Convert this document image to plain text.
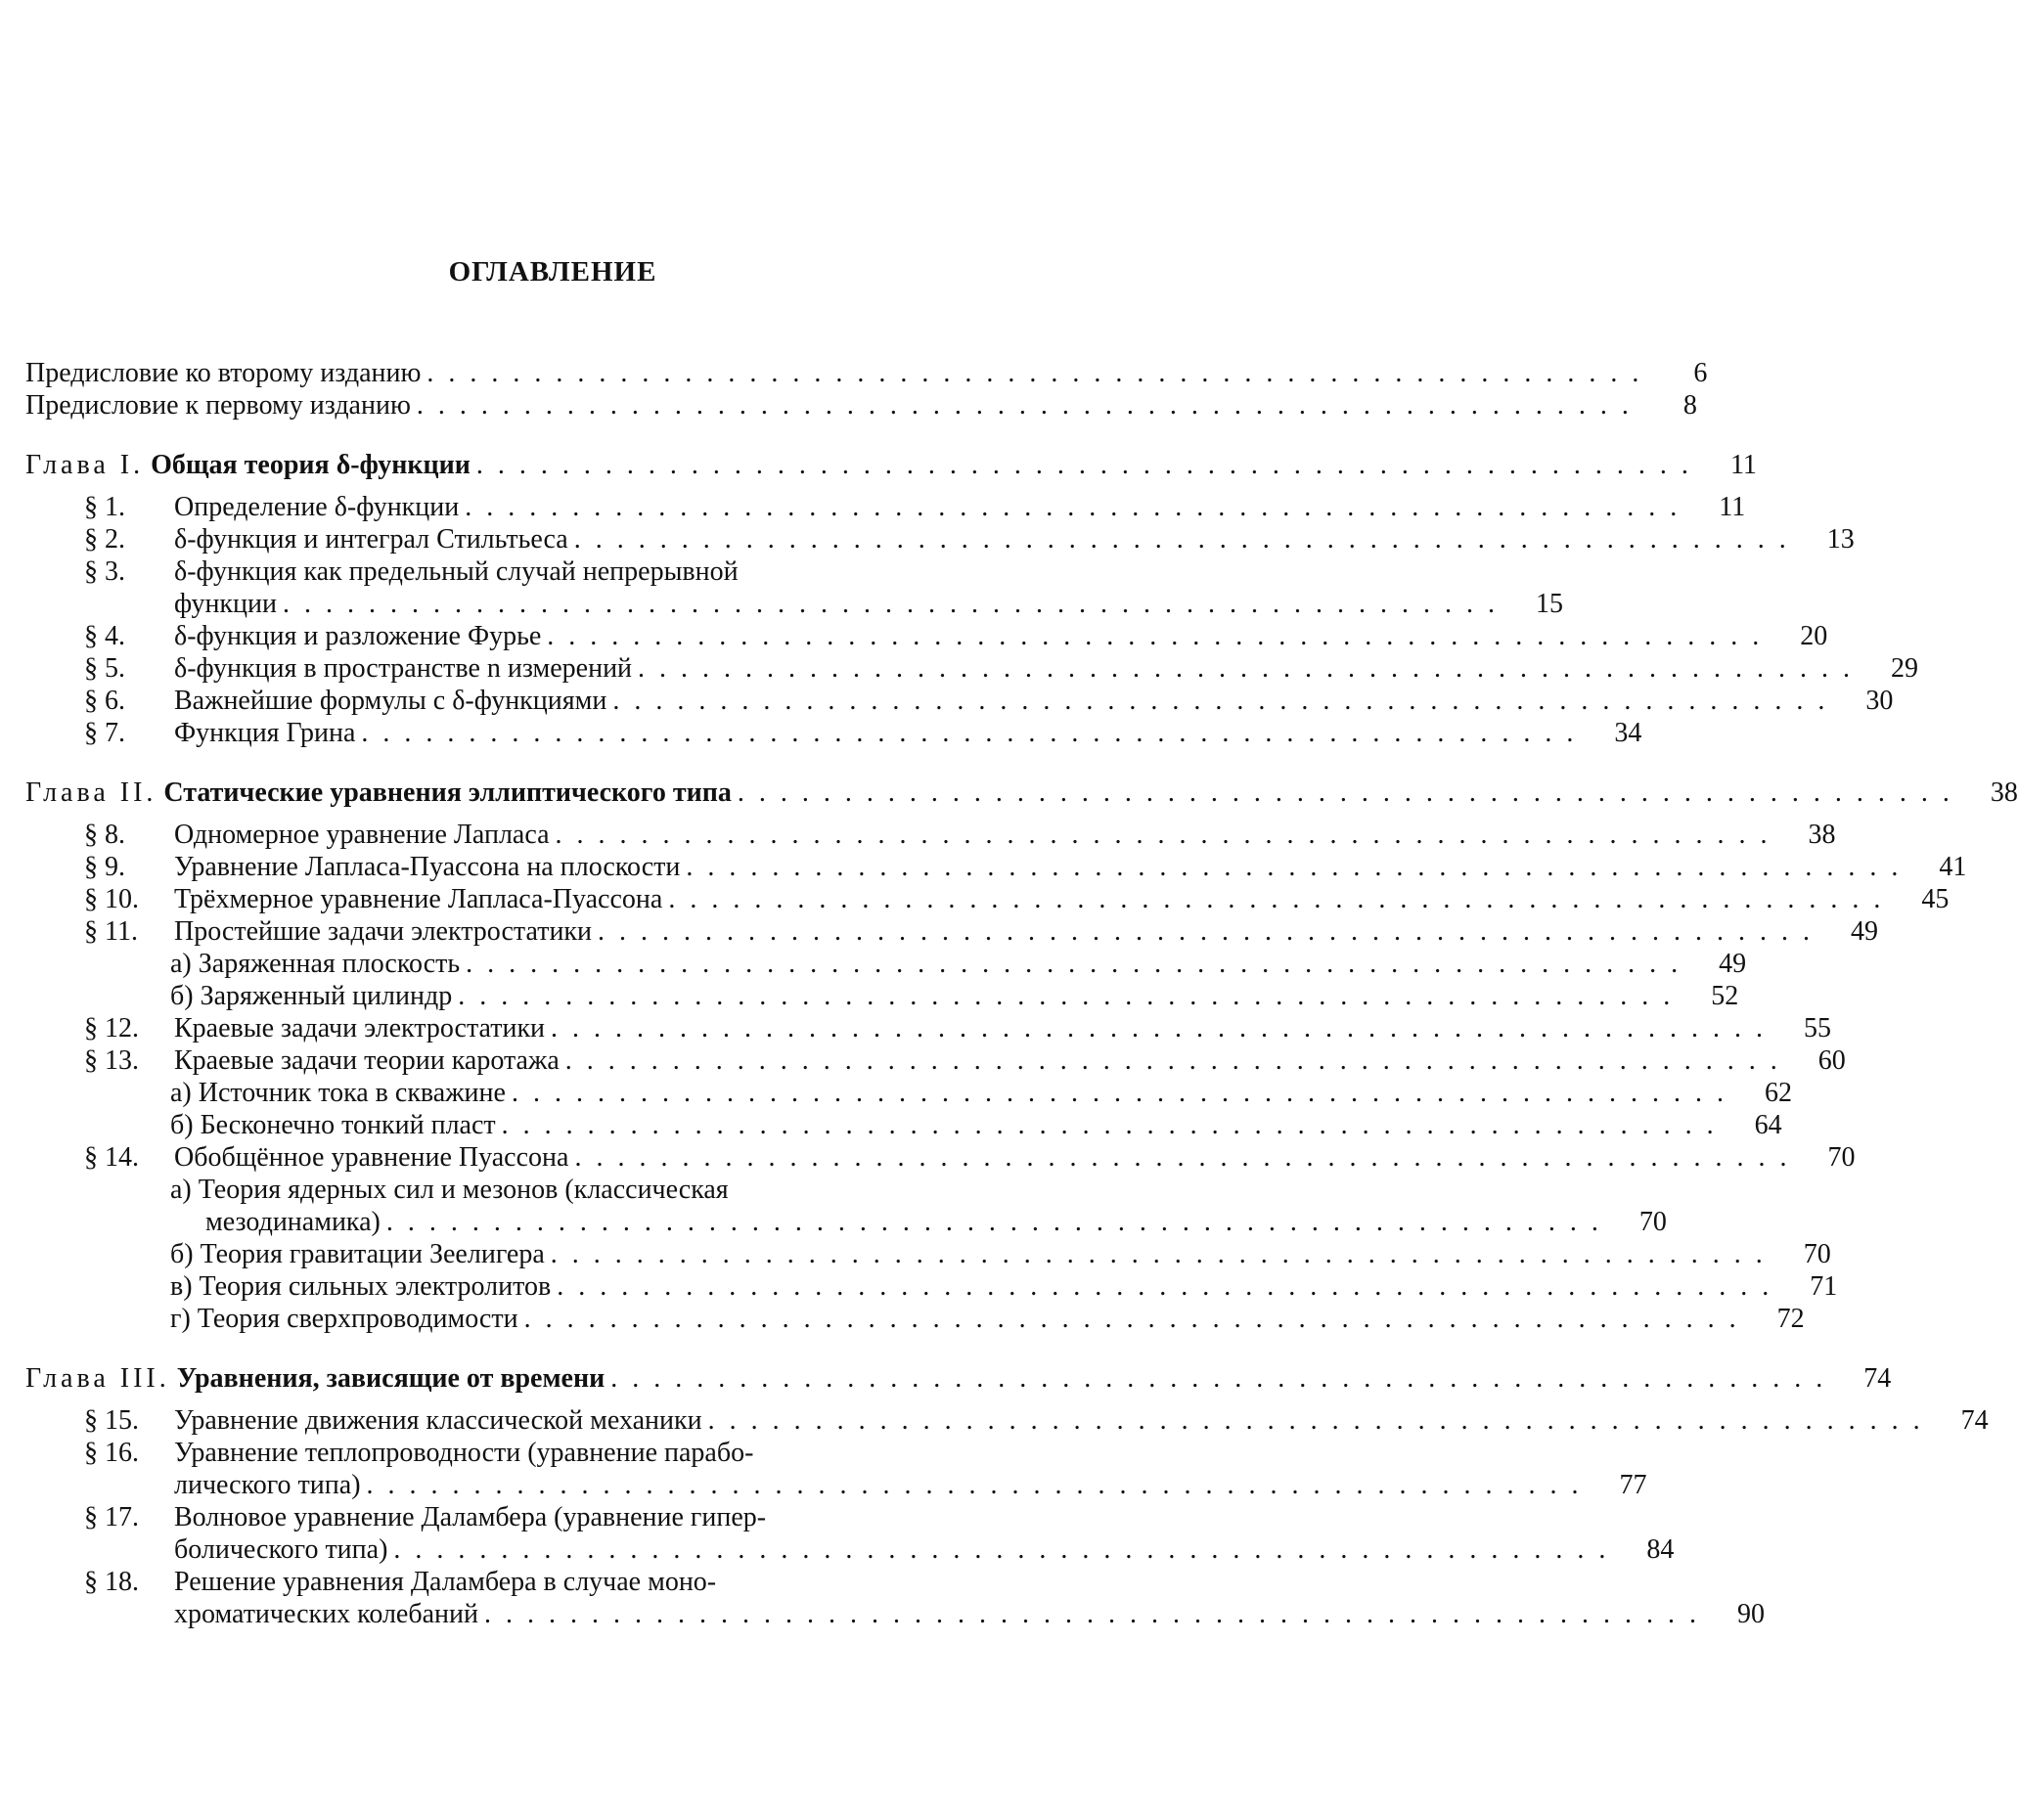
ОГЛАВЛЕНИЕ
Предисловие ко второму изданию . . . . . . . . . . . . . . . . . . . . . . . . . . . . . . . . . . . . . . . . . . . . . . . . . . . . . . . . .	6
Предисловие к первому изданию . . . . . . . . . . . . . . . . . . . . . . . . . . . . . . . . . . . . . . . . . . . . . . . . . . . . . . . . .	8
Глава I. Общая теория δ-функции . . . . . . . . . . . . . . . . . . . . . . . . . . . . . . . . . . . . . . . . . . . . . . . . . . . . . . . . .	11
§ 1. Определение δ-функции . . . . . . . . . . . . . . . . . . . . . . . . . . . . . . . . . . . . . . . . . . . . . . . . . . . . . . . . .	11
§ 2. δ-функция и интеграл Стильтьеса . . . . . . . . . . . . . . . . . . . . . . . . . . . . . . . . . . . . . . . . . . . . . . . . . . . . . . . . .	13
§ 3. δ-функция как предельный случай непрерывной
функции . . . . . . . . . . . . . . . . . . . . . . . . . . . . . . . . . . . . . . . . . . . . . . . . . . . . . . . . .	15
§ 4. δ-функция и разложение Фурье . . . . . . . . . . . . . . . . . . . . . . . . . . . . . . . . . . . . . . . . . . . . . . . . . . . . . . . . .	20
§ 5. δ-функция в пространстве n измерений . . . . . . . . . . . . . . . . . . . . . . . . . . . . . . . . . . . . . . . . . . . . . . . . . . . . . . . . .	29
§ 6. Важнейшие формулы с δ-функциями . . . . . . . . . . . . . . . . . . . . . . . . . . . . . . . . . . . . . . . . . . . . . . . . . . . . . . . . .	30
§ 7. Функция Грина . . . . . . . . . . . . . . . . . . . . . . . . . . . . . . . . . . . . . . . . . . . . . . . . . . . . . . . . .	34
Глава II. Статические уравнения эллиптического типа . . . . . . . . . . . . . . . . . . . . . . . . . . . . . . . . . . . . . . . . . . . . . . . . . . . . . . . . .	38
§ 8. Одномерное уравнение Лапласа . . . . . . . . . . . . . . . . . . . . . . . . . . . . . . . . . . . . . . . . . . . . . . . . . . . . . . . . .	38
§ 9. Уравнение Лапласа-Пуассона на плоскости . . . . . . . . . . . . . . . . . . . . . . . . . . . . . . . . . . . . . . . . . . . . . . . . . . . . . . . . .	41
§ 10. Трёхмерное уравнение Лапласа-Пуассона . . . . . . . . . . . . . . . . . . . . . . . . . . . . . . . . . . . . . . . . . . . . . . . . . . . . . . . . .	45
§ 11. Простейшие задачи электростатики . . . . . . . . . . . . . . . . . . . . . . . . . . . . . . . . . . . . . . . . . . . . . . . . . . . . . . . . .	49
а) Заряженная плоскость . . . . . . . . . . . . . . . . . . . . . . . . . . . . . . . . . . . . . . . . . . . . . . . . . . . . . . . . .	49
б) Заряженный цилиндр . . . . . . . . . . . . . . . . . . . . . . . . . . . . . . . . . . . . . . . . . . . . . . . . . . . . . . . . .	52
§ 12. Краевые задачи электростатики . . . . . . . . . . . . . . . . . . . . . . . . . . . . . . . . . . . . . . . . . . . . . . . . . . . . . . . . .	55
§ 13. Краевые задачи теории каротажа . . . . . . . . . . . . . . . . . . . . . . . . . . . . . . . . . . . . . . . . . . . . . . . . . . . . . . . . .	60
а) Источник тока в скважине . . . . . . . . . . . . . . . . . . . . . . . . . . . . . . . . . . . . . . . . . . . . . . . . . . . . . . . . .	62
б) Бесконечно тонкий пласт . . . . . . . . . . . . . . . . . . . . . . . . . . . . . . . . . . . . . . . . . . . . . . . . . . . . . . . . .	64
§ 14. Обобщённое уравнение Пуассона . . . . . . . . . . . . . . . . . . . . . . . . . . . . . . . . . . . . . . . . . . . . . . . . . . . . . . . . .	70
а) Теория ядерных сил и мезонов (классическая
мезодинамика) . . . . . . . . . . . . . . . . . . . . . . . . . . . . . . . . . . . . . . . . . . . . . . . . . . . . . . . . .	70
б) Теория гравитации Зеелигера . . . . . . . . . . . . . . . . . . . . . . . . . . . . . . . . . . . . . . . . . . . . . . . . . . . . . . . . .	70
в) Теория сильных электролитов . . . . . . . . . . . . . . . . . . . . . . . . . . . . . . . . . . . . . . . . . . . . . . . . . . . . . . . . .	71
г) Теория сверхпроводимости . . . . . . . . . . . . . . . . . . . . . . . . . . . . . . . . . . . . . . . . . . . . . . . . . . . . . . . . .	72
Глава III. Уравнения, зависящие от времени . . . . . . . . . . . . . . . . . . . . . . . . . . . . . . . . . . . . . . . . . . . . . . . . . . . . . . . . .	74
§ 15. Уравнение движения классической механики . . . . . . . . . . . . . . . . . . . . . . . . . . . . . . . . . . . . . . . . . . . . . . . . . . . . . . . . .	74
§ 16. Уравнение теплопроводности (уравнение парабо-
лического типа) . . . . . . . . . . . . . . . . . . . . . . . . . . . . . . . . . . . . . . . . . . . . . . . . . . . . . . . . .	77
§ 17. Волновое уравнение Даламбера (уравнение гипер-
болического типа) . . . . . . . . . . . . . . . . . . . . . . . . . . . . . . . . . . . . . . . . . . . . . . . . . . . . . . . . .	84
§ 18. Решение уравнения Даламбера в случае моно-
хроматических колебаний . . . . . . . . . . . . . . . . . . . . . . . . . . . . . . . . . . . . . . . . . . . . . . . . . . . . . . . . .	90
